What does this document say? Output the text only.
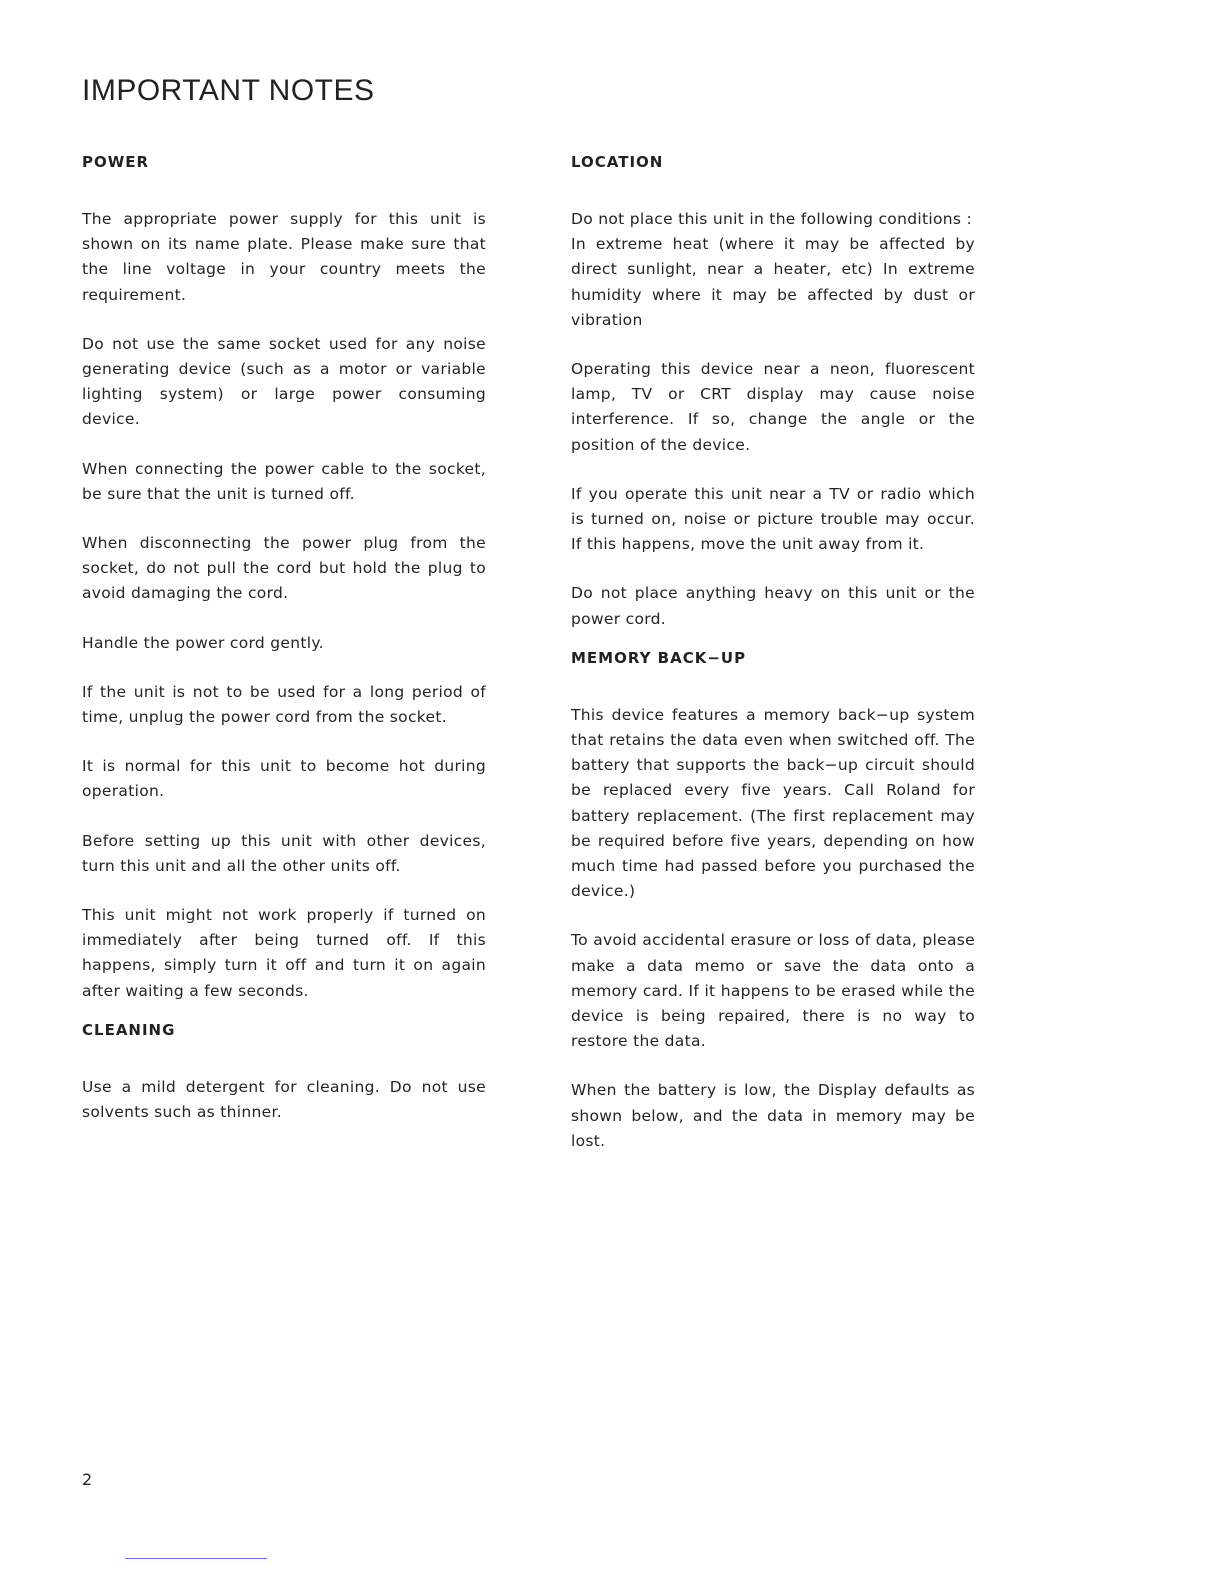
IMPORTANT NOTES
POWER

The appropriate power supply for this unit is shown on its name plate. Please make sure that the line voltage in your country meets the requirement.

Do not use the same socket used for any noise generating device (such as a motor or variable lighting system) or large power consuming device.

When connecting the power cable to the socket, be sure that the unit is turned off.

When disconnecting the power plug from the socket, do not pull the cord but hold the plug to avoid damaging the cord.

Handle the power cord gently.

If the unit is not to be used for a long period of time, unplug the power cord from the socket.

It is normal for this unit to become hot during operation.

Before setting up this unit with other devices, turn this unit and all the other units off.

This unit might not work properly if turned on immediately after being turned off. If this happens, simply turn it off and turn it on again after waiting a few seconds.

CLEANING

Use a mild detergent for cleaning. Do not use solvents such as thinner.

LOCATION

Do not place this unit in the following conditions :

In extreme heat (where it may be affected by direct sunlight, near a heater, etc) In extreme humidity where it may be affected by dust or vibration

Operating this device near a neon, fluorescent lamp, TV or CRT display may cause noise interference. If so, change the angle or the position of the device.

If you operate this unit near a TV or radio which is turned on, noise or picture trouble may occur. If this happens, move the unit away from it.

Do not place anything heavy on this unit or the power cord.

MEMORY BACK−UP

This device features a memory back−up system that retains the data even when switched off. The battery that supports the back−up circuit should be replaced every five years. Call Roland for battery replacement. (The first replacement may be required before five years, depending on how much time had passed before you purchased the device.)

To avoid accidental erasure or loss of data, please make a data memo or save the data onto a memory card. If it happens to be erased while the device is being repaired, there is no way to restore the data.

When the battery is low, the Display defaults as shown below, and the data in memory may be lost.

2
